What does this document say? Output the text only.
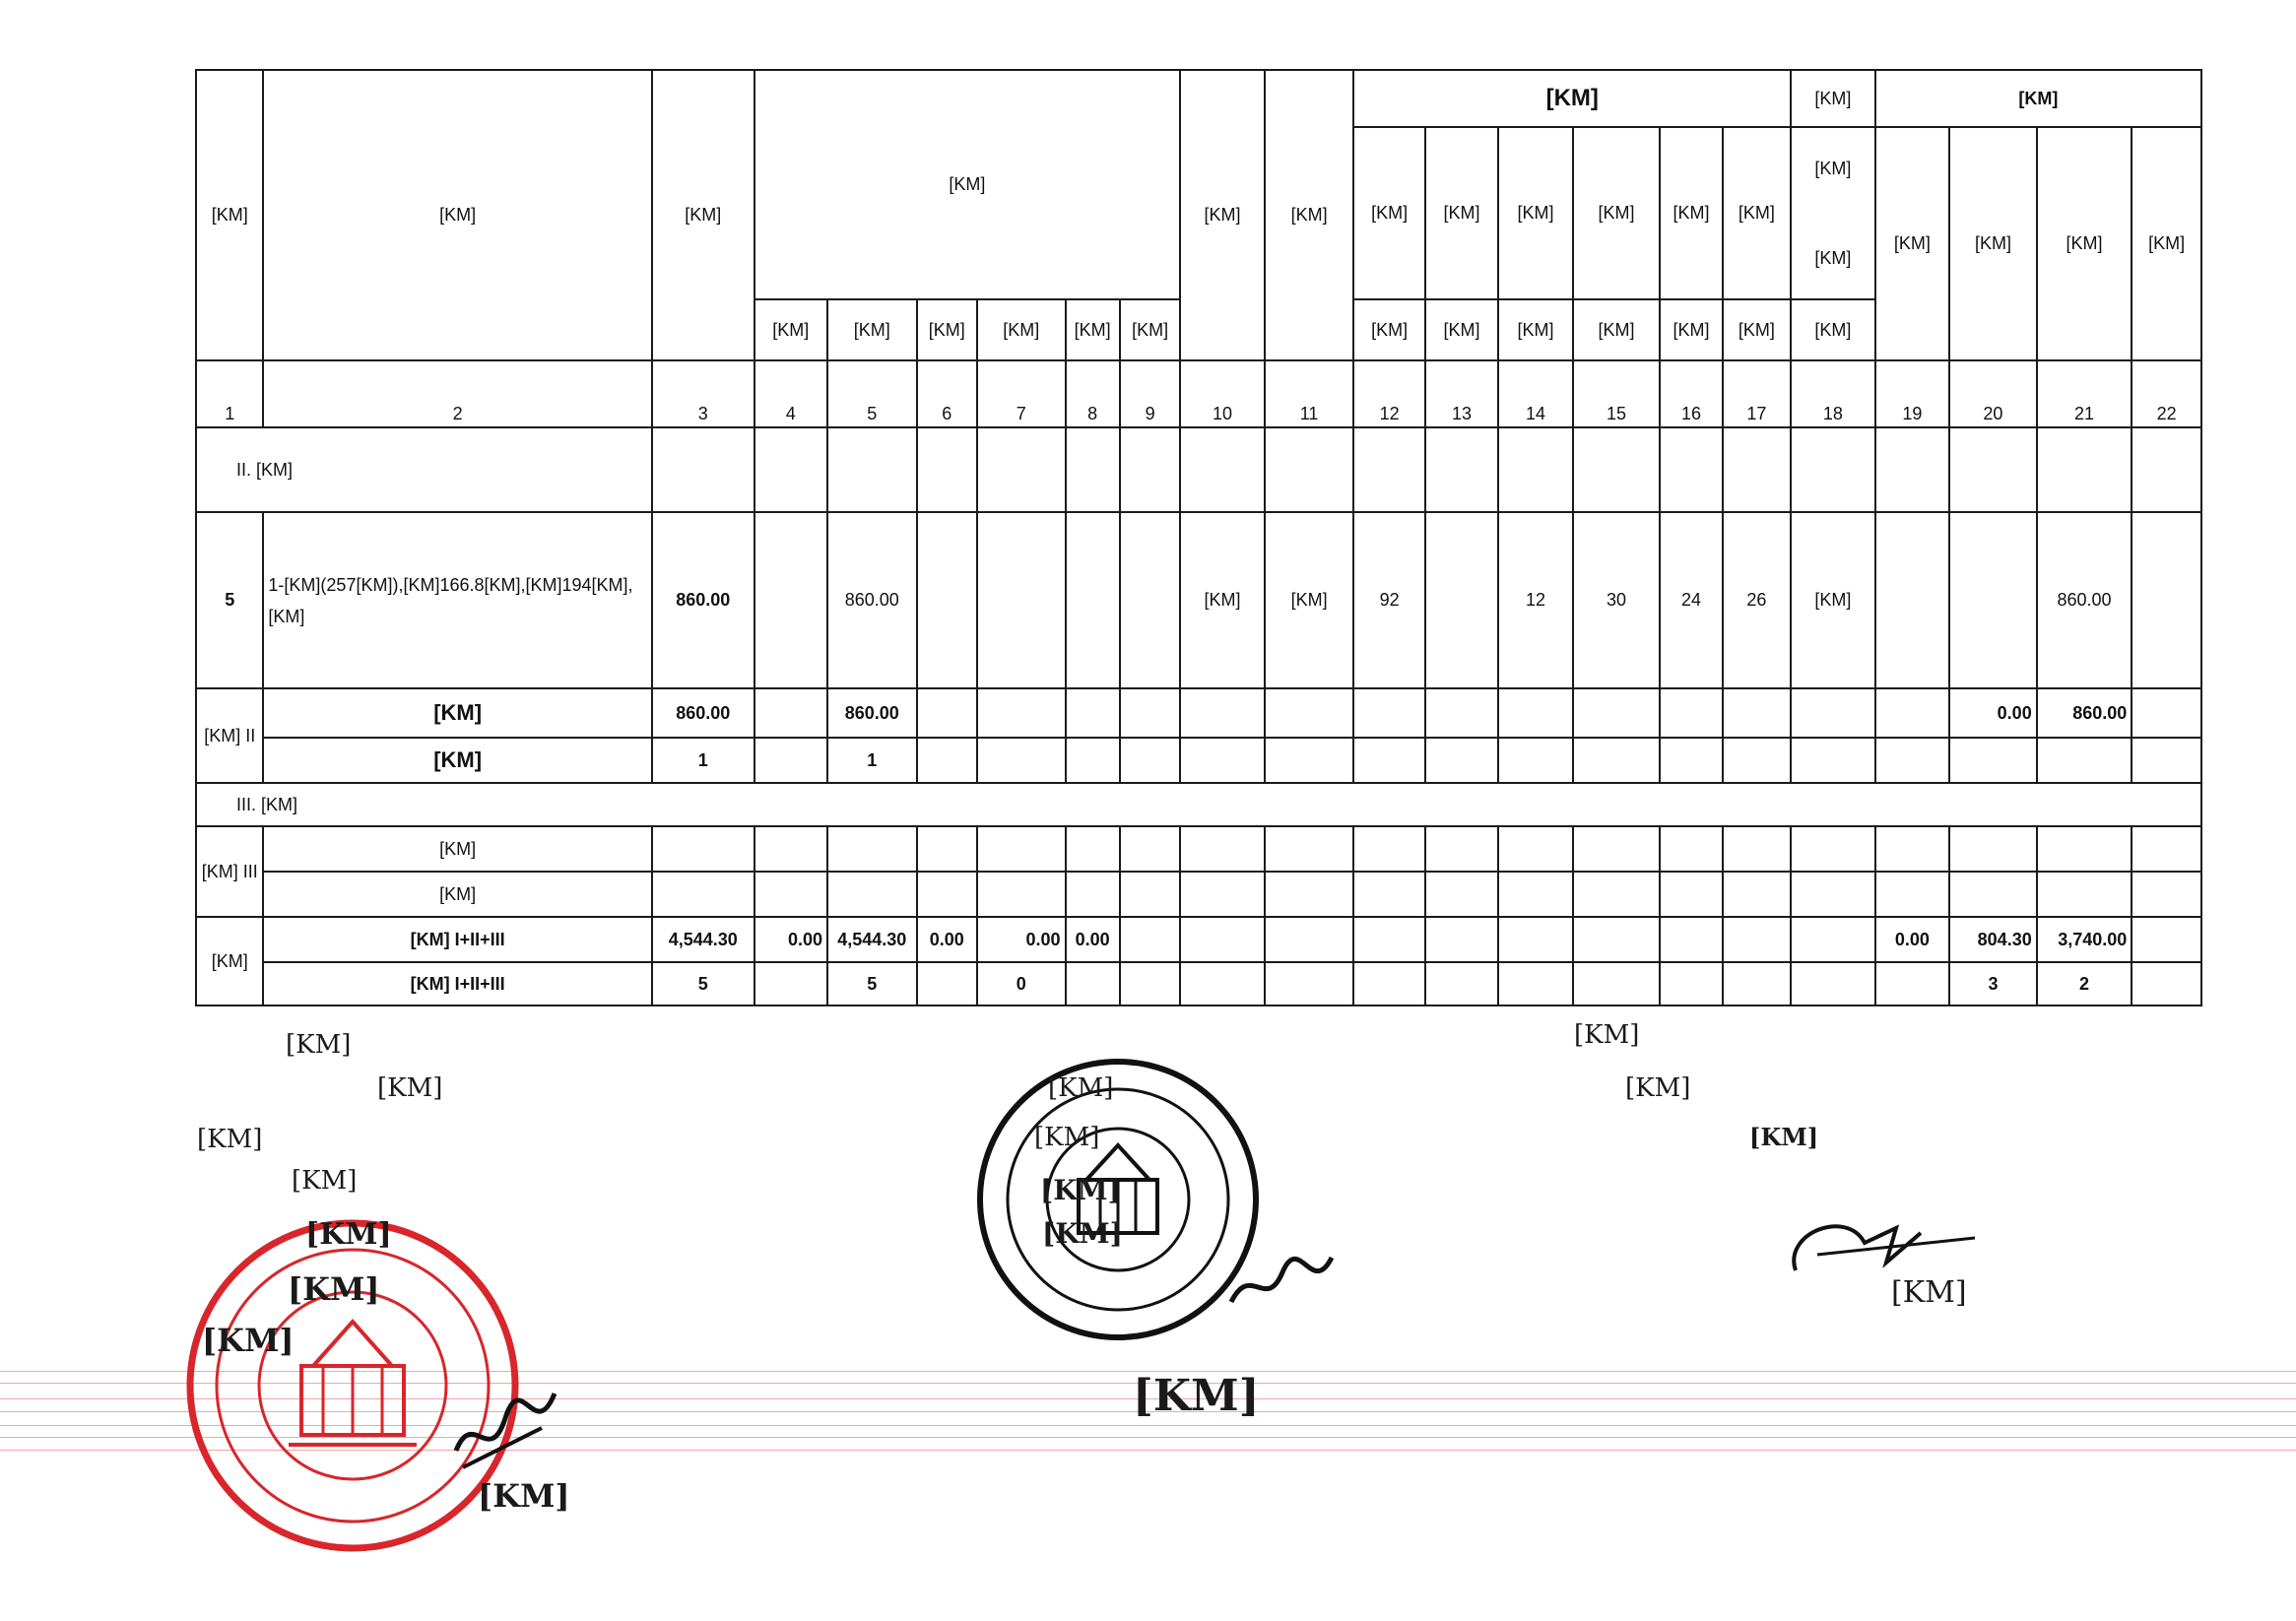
[KM]	[KM]	[KM]	[KM]						[KM]	[KM]	[KM]						[KM]	[KM]			
											[KM]	[KM]	[KM]	[KM]	[KM]	[KM]	[KM]
[KM]	[KM]	[KM]	[KM]	[KM]
			[KM]	[KM]	[KM]	[KM]	[KM]	[KM]			[KM]	[KM]	[KM]	[KM]	[KM]	[KM]	[KM]				
1	2	3	4	5	6	7	8	9	10	11	12	13	14	15	16	17	18	19	20	21	22
II. [KM]																					
5	1-[KM](257[KM]),[KM]166.8[KM],[KM]194[KM],[KM]	860.00		860.00					[KM]	[KM]	92		12	30	24	26	[KM]			860.00	
[KM] II	[KM]	860.00		860.00															0.00	860.00	
	[KM]	1		1																	
III. [KM]																					
[KM] III	[KM]																				
	[KM]																				
[KM]	[KM] I+II+III	4,544.30	0.00	4,544.30	0.00	0.00	0.00											0.00	804.30	3,740.00	
	[KM] I+II+III	5		5		0													3	2	
[KM]
[KM]
[KM]
[KM]
[KM]
[KM]
[KM]
[KM]
[KM]
[KM]
[KM]
[KM]
[KM]
[KM]
[KM]
[KM]
[KM]
